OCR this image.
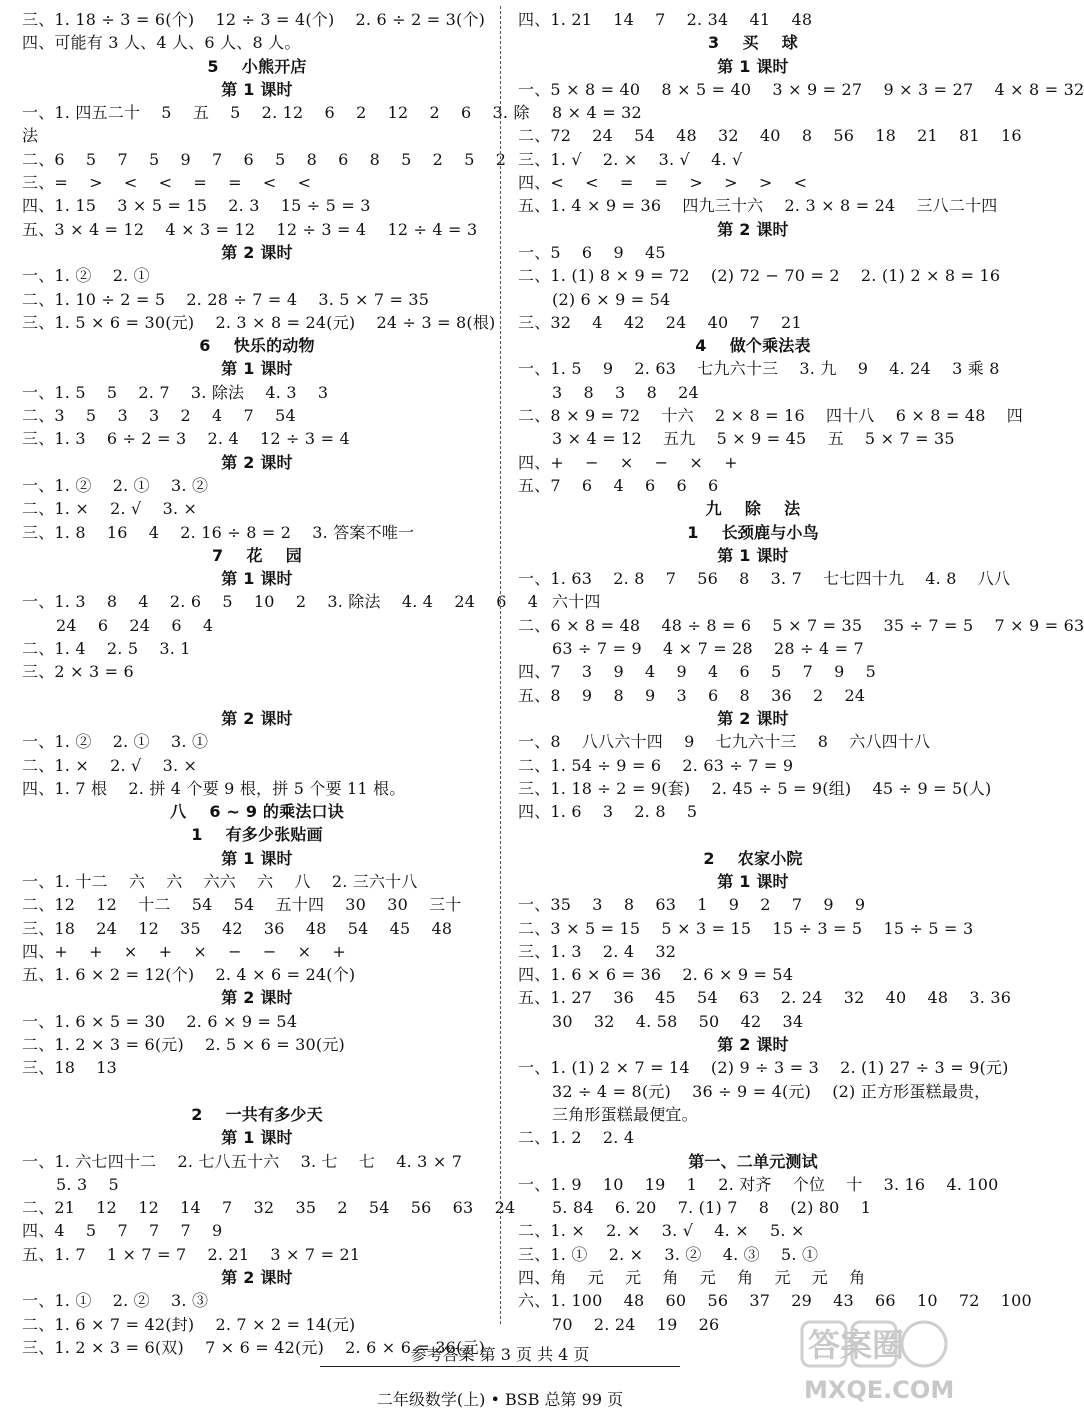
三、1. 18 ÷ 3 = 6(个)    12 ÷ 3 = 4(个)    2. 6 ÷ 2 = 3(个)
四、可能有 3 人、4 人、6 人、8 人。
5    小熊开店
第 1 课时
一、1. 四五二十    5    五    5    2. 12    6    2    12    2    6    3. 除
法
二、6    5    7    5    9    7    6    5    8    6    8    5    2    5    2
三、=    >    <    <    =    =    <    <
四、1. 15    3 × 5 = 15    2. 3    15 ÷ 5 = 3
五、3 × 4 = 12    4 × 3 = 12    12 ÷ 3 = 4    12 ÷ 4 = 3
第 2 课时
一、1. ②    2. ①
二、1. 10 ÷ 2 = 5    2. 28 ÷ 7 = 4    3. 5 × 7 = 35
三、1. 5 × 6 = 30(元)    2. 3 × 8 = 24(元)    24 ÷ 3 = 8(根)
6    快乐的动物
第 1 课时
一、1. 5    5    2. 7    3. 除法    4. 3    3
二、3    5    3    3    2    4    7    54
三、1. 3    6 ÷ 2 = 3    2. 4    12 ÷ 3 = 4
第 2 课时
一、1. ②    2. ①    3. ②
二、1. ×    2. √    3. ×
三、1. 8    16    4    2. 16 ÷ 8 = 2    3. 答案不唯一
7    花    园
第 1 课时
一、1. 3    8    4    2. 6    5    10    2    3. 除法    4. 4    24    6    4
24    6    24    6    4
二、1. 4    2. 5    3. 1
三、2 × 3 = 6
第 2 课时
一、1. ②    2. ①    3. ①
二、1. ×    2. √    3. ×
四、1. 7 根    2. 拼 4 个要 9 根，拼 5 个要 11 根。
八    6 ~ 9 的乘法口诀
1    有多少张贴画
第 1 课时
一、1. 十二    六    六    六六    六    八    2. 三六十八
二、12    12    十二    54    54    五十四    30    30    三十
三、18    24    12    35    42    36    48    54    45    48
四、+    +    ×    +    ×    −    −    ×    +
五、1. 6 × 2 = 12(个)    2. 4 × 6 = 24(个)
第 2 课时
一、1. 6 × 5 = 30    2. 6 × 9 = 54
二、1. 2 × 3 = 6(元)    2. 5 × 6 = 30(元)
三、18    13
2    一共有多少天
第 1 课时
一、1. 六七四十二    2. 七八五十六    3. 七    七    4. 3 × 7
5. 3    5
二、21    12    12    14    7    32    35    2    54    56    63    24
四、4    5    7    7    7    9
五、1. 7    1 × 7 = 7    2. 21    3 × 7 = 21
第 2 课时
一、1. ①    2. ②    3. ③
二、1. 6 × 7 = 42(封)    2. 7 × 2 = 14(元)
三、1. 2 × 3 = 6(双)    7 × 6 = 42(元)    2. 6 × 6 = 36(元)
四、1. 21    14    7    2. 34    41    48
3    买    球
第 1 课时
一、5 × 8 = 40    8 × 5 = 40    3 × 9 = 27    9 × 3 = 27    4 × 8 = 32
8 × 4 = 32
二、72    24    54    48    32    40    8    56    18    21    81    16
三、1. √    2. ×    3. √    4. √
四、<    <    =    =    >    >    >    <
五、1. 4 × 9 = 36    四九三十六    2. 3 × 8 = 24    三八二十四
第 2 课时
一、5    6    9    45
二、1. (1) 8 × 9 = 72    (2) 72 − 70 = 2    2. (1) 2 × 8 = 16
(2) 6 × 9 = 54
三、32    4    42    24    40    7    21
4    做个乘法表
一、1. 5    9    2. 63    七九六十三    3. 九    9    4. 24    3 乘 8
3    8    3    8    24
二、8 × 9 = 72    十六    2 × 8 = 16    四十八    6 × 8 = 48    四
3 × 4 = 12    五九    5 × 9 = 45    五    5 × 7 = 35
四、+    −    ×    −    ×    +
五、7    6    4    6    6    6
九    除    法
1    长颈鹿与小鸟
第 1 课时
一、1. 63    2. 8    7    56    8    3. 7    七七四十九    4. 8    八八
六十四
二、6 × 8 = 48    48 ÷ 8 = 6    5 × 7 = 35    35 ÷ 7 = 5    7 × 9 = 63
63 ÷ 7 = 9    4 × 7 = 28    28 ÷ 4 = 7
四、7    3    9    4    9    4    6    5    7    9    5
五、8    9    8    9    3    6    8    36    2    24
第 2 课时
一、8    八八六十四    9    七九六十三    8    六八四十八
二、1. 54 ÷ 9 = 6    2. 63 ÷ 7 = 9
三、1. 18 ÷ 2 = 9(套)    2. 45 ÷ 5 = 9(组)    45 ÷ 9 = 5(人)
四、1. 6    3    2. 8    5
2    农家小院
第 1 课时
一、35    3    8    63    1    9    2    7    9    9
二、3 × 5 = 15    5 × 3 = 15    15 ÷ 3 = 5    15 ÷ 5 = 3
三、1. 3    2. 4    32
四、1. 6 × 6 = 36    2. 6 × 9 = 54
五、1. 27    36    45    54    63    2. 24    32    40    48    3. 36
30    32    4. 58    50    42    34
第 2 课时
一、1. (1) 2 × 7 = 14    (2) 9 ÷ 3 = 3    2. (1) 27 ÷ 3 = 9(元)
32 ÷ 4 = 8(元)    36 ÷ 9 = 4(元)    (2) 正方形蛋糕最贵，
三角形蛋糕最便宜。
二、1. 2    2. 4
第一、二单元测试
一、1. 9    10    19    1    2. 对齐    个位    十    3. 16    4. 100
5. 84    6. 20    7. (1) 7    8    (2) 80    1
二、1. ×    2. ×    3. √    4. ×    5. ×
三、1. ①    2. ×    3. ②    4. ③    5. ①
四、角    元    元    角    元    角    元    元    角
六、1. 100    48    60    56    37    29    43    66    10    72    100
70    2. 24    19    26
参考答案 第 3 页 共 4 页
二年级数学(上) • BSB 总第 99 页
答案圈
MXQE.COM
